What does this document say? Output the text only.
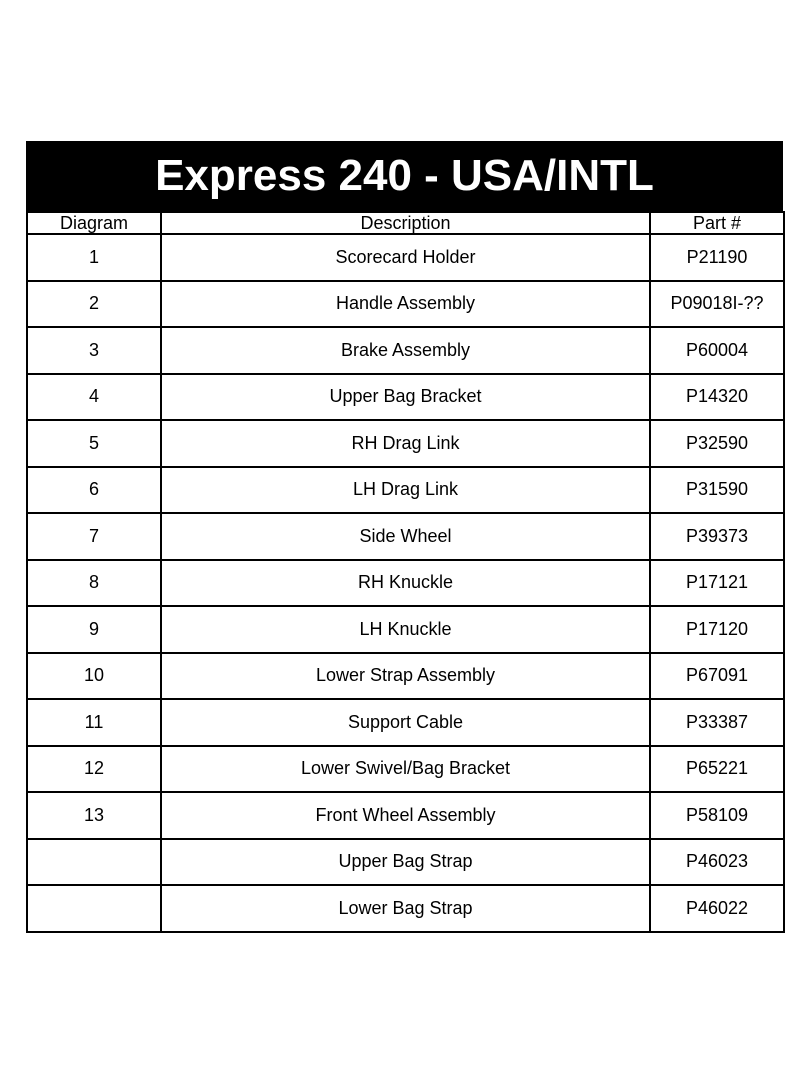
Express 240 - USA/INTL
Diagram	Description	Part #
1	Scorecard Holder	P21190
2	Handle Assembly	P09018I-??
3	Brake Assembly	P60004
4	Upper Bag Bracket	P14320
5	RH Drag Link	P32590
6	LH Drag Link	P31590
7	Side Wheel	P39373
8	RH Knuckle	P17121
9	LH Knuckle	P17120
10	Lower Strap Assembly	P67091
11	Support Cable	P33387
12	Lower Swivel/Bag Bracket	P65221
13	Front Wheel Assembly	P58109
	Upper Bag Strap	P46023
	Lower Bag Strap	P46022
